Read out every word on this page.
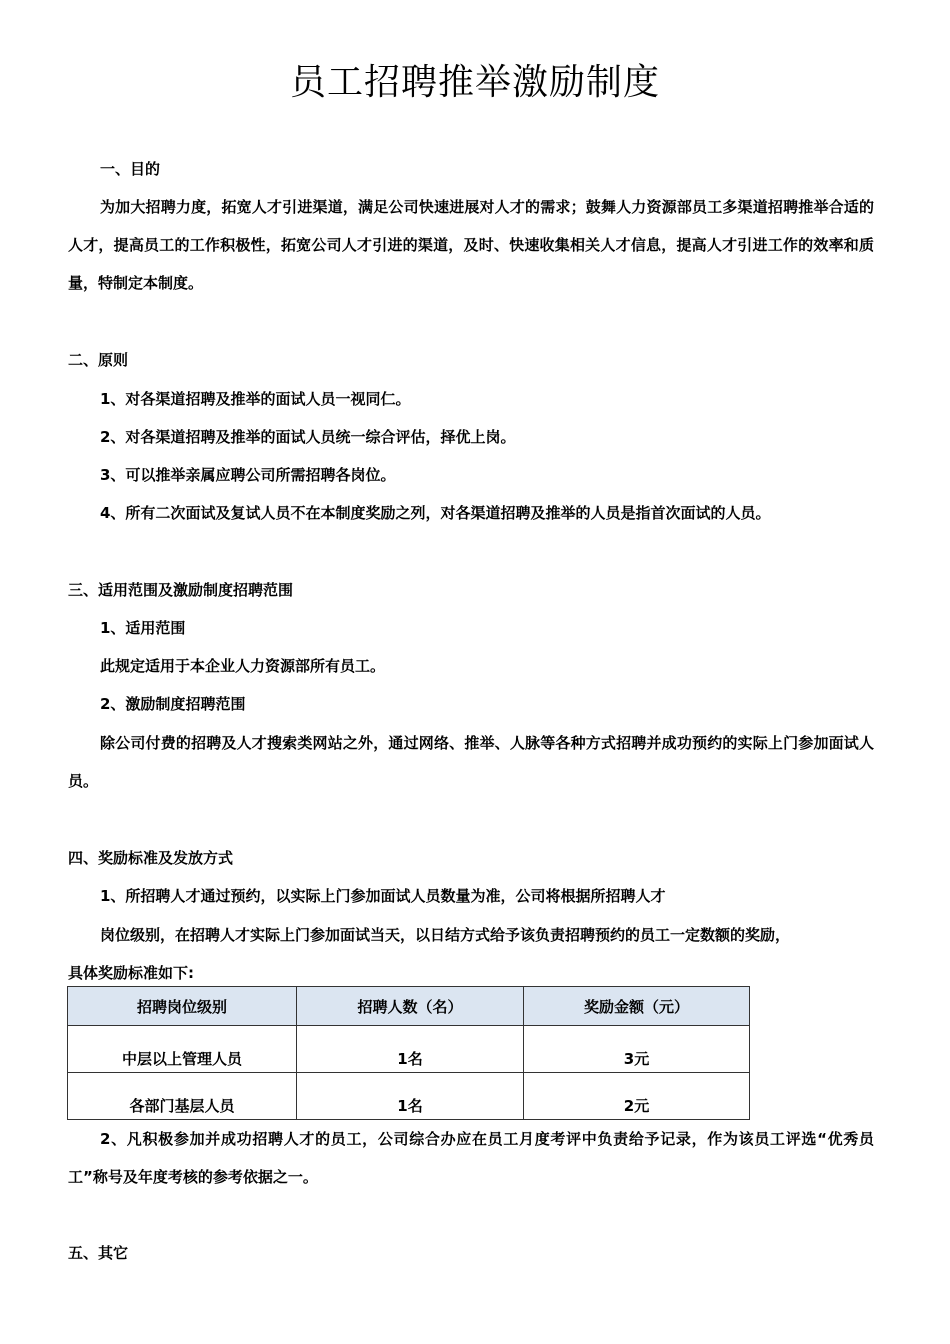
员工招聘推举激励制度
一、目的

为加大招聘力度，拓宽人才引进渠道，满足公司快速进展对人才的需求；鼓舞人力资源部员工多渠道招聘推举合适的人才，提高员工的工作积极性，拓宽公司人才引进的渠道，及时、快速收集相关人才信息，提高人才引进工作的效率和质量，特制定本制度。

二、原则
1、对各渠道招聘及推举的面试人员一视同仁。
2、对各渠道招聘及推举的面试人员统一综合评估，择优上岗。
3、可以推举亲属应聘公司所需招聘各岗位。
4、所有二次面试及复试人员不在本制度奖励之列，对各渠道招聘及推举的人员是指首次面试的人员。
三、适用范围及激励制度招聘范围
1、适用范围
此规定适用于本企业人力资源部所有员工。
2、激励制度招聘范围

除公司付费的招聘及人才搜索类网站之外，通过网络、推举、人脉等各种方式招聘并成功预约的实际上门参加面试人员。

四、奖励标准及发放方式
1、所招聘人才通过预约，以实际上门参加面试人员数量为准，公司将根据所招聘人才
岗位级别，在招聘人才实际上门参加面试当天，以日结方式给予该负责招聘预约的员工一定数额的奖励，
具体奖励标准如下:
招聘岗位级别	招聘人数（名）	奖励金额（元）
中层以上管理人员	1名	3元
各部门基层人员	1名	2元

2、凡积极参加并成功招聘人才的员工，公司综合办应在员工月度考评中负责给予记录，作为该员工评选“优秀员工”称号及年度考核的参考依据之一。

五、其它
